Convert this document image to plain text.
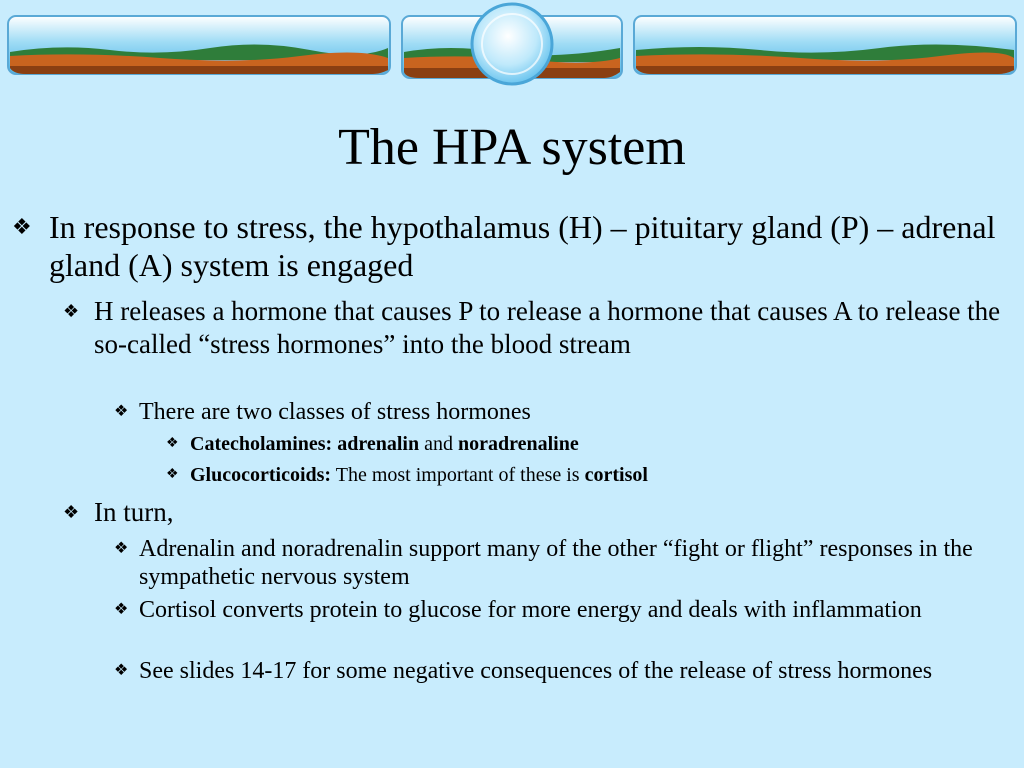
The HPA system
❖ In response to stress, the hypothalamus (H) – pituitary gland (P) – adrenal gland (A) system is engaged
❖ H releases a hormone that causes P to release a hormone that causes A to release the so-called “stress hormones” into the blood stream
❖ There are two classes of stress hormones
❖ Catecholamines: adrenalin and noradrenaline
❖ Glucocorticoids: The most important of these is cortisol
❖ In turn,
❖ Adrenalin and noradrenalin support many of the other “fight or flight” responses in the sympathetic nervous system
❖ Cortisol converts protein to glucose for more energy and deals with inflammation
❖ See slides 14-17 for some negative consequences of the release of stress hormones
